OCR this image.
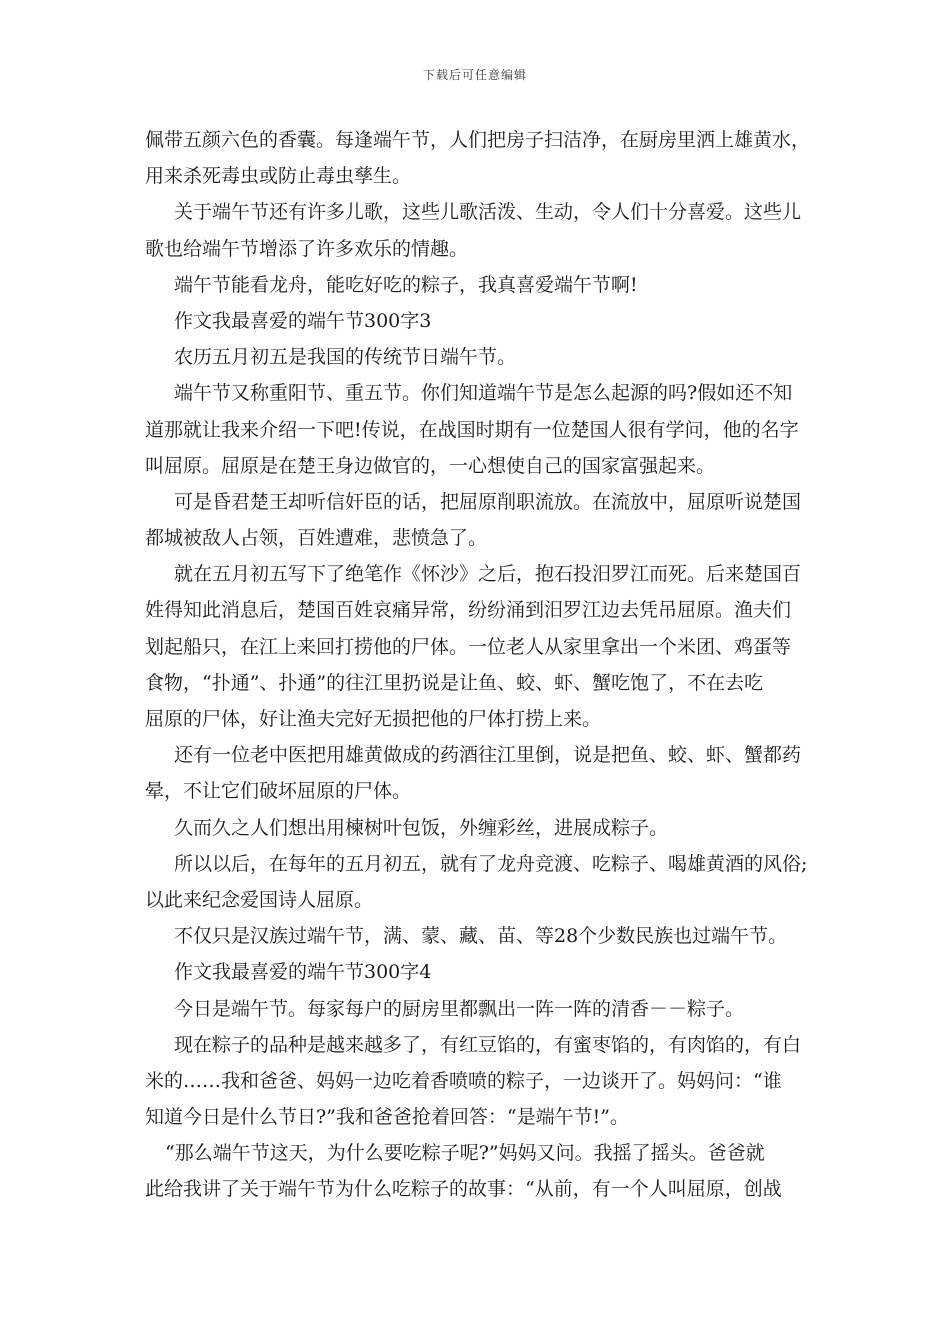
下载后可任意编辑
佩带五颜六色的香囊。每逢端午节，人们把房子扫洁净，在厨房里洒上雄黄水，
用来杀死毒虫或防止毒虫孳生。
关于端午节还有许多儿歌，这些儿歌活泼、生动，令人们十分喜爱。这些儿
歌也给端午节增添了许多欢乐的情趣。
端午节能看龙舟，能吃好吃的粽子，我真喜爱端午节啊!
作文我最喜爱的端午节300字3
农历五月初五是我国的传统节日端午节。
端午节又称重阳节、重五节。你们知道端午节是怎么起源的吗?假如还不知
道那就让我来介绍一下吧!传说，在战国时期有一位楚国人很有学问，他的名字
叫屈原。屈原是在楚王身边做官的，一心想使自己的国家富强起来。
可是昏君楚王却听信奸臣的话，把屈原削职流放。在流放中，屈原听说楚国
都城被敌人占领，百姓遭难，悲愤急了。
就在五月初五写下了绝笔作《怀沙》之后，抱石投汨罗江而死。后来楚国百
姓得知此消息后，楚国百姓哀痛异常，纷纷涌到汨罗江边去凭吊屈原。渔夫们
划起船只，在江上来回打捞他的尸体。一位老人从家里拿出一个米团、鸡蛋等
食物，“扑通”、扑通”的往江里扔说是让鱼、蛟、虾、蟹吃饱了，不在去吃
屈原的尸体，好让渔夫完好无损把他的尸体打捞上来。
还有一位老中医把用雄黄做成的药酒往江里倒，说是把鱼、蛟、虾、蟹都药
晕，不让它们破坏屈原的尸体。
久而久之人们想出用楝树叶包饭，外缠彩丝，进展成粽子。
所以以后，在每年的五月初五，就有了龙舟竞渡、吃粽子、喝雄黄酒的风俗;
以此来纪念爱国诗人屈原。
不仅只是汉族过端午节，满、蒙、藏、苗、等28个少数民族也过端午节。
作文我最喜爱的端午节300字4
今日是端午节。每家每户的厨房里都飘出一阵一阵的清香－－粽子。
现在粽子的品种是越来越多了，有红豆馅的，有蜜枣馅的，有肉馅的，有白
米的……我和爸爸、妈妈一边吃着香喷喷的粽子，一边谈开了。妈妈问：“谁
知道今日是什么节日?”我和爸爸抢着回答：“是端午节!”。
“那么端午节这天，为什么要吃粽子呢?”妈妈又问。我摇了摇头。爸爸就
此给我讲了关于端午节为什么吃粽子的故事：“从前，有一个人叫屈原，创战
